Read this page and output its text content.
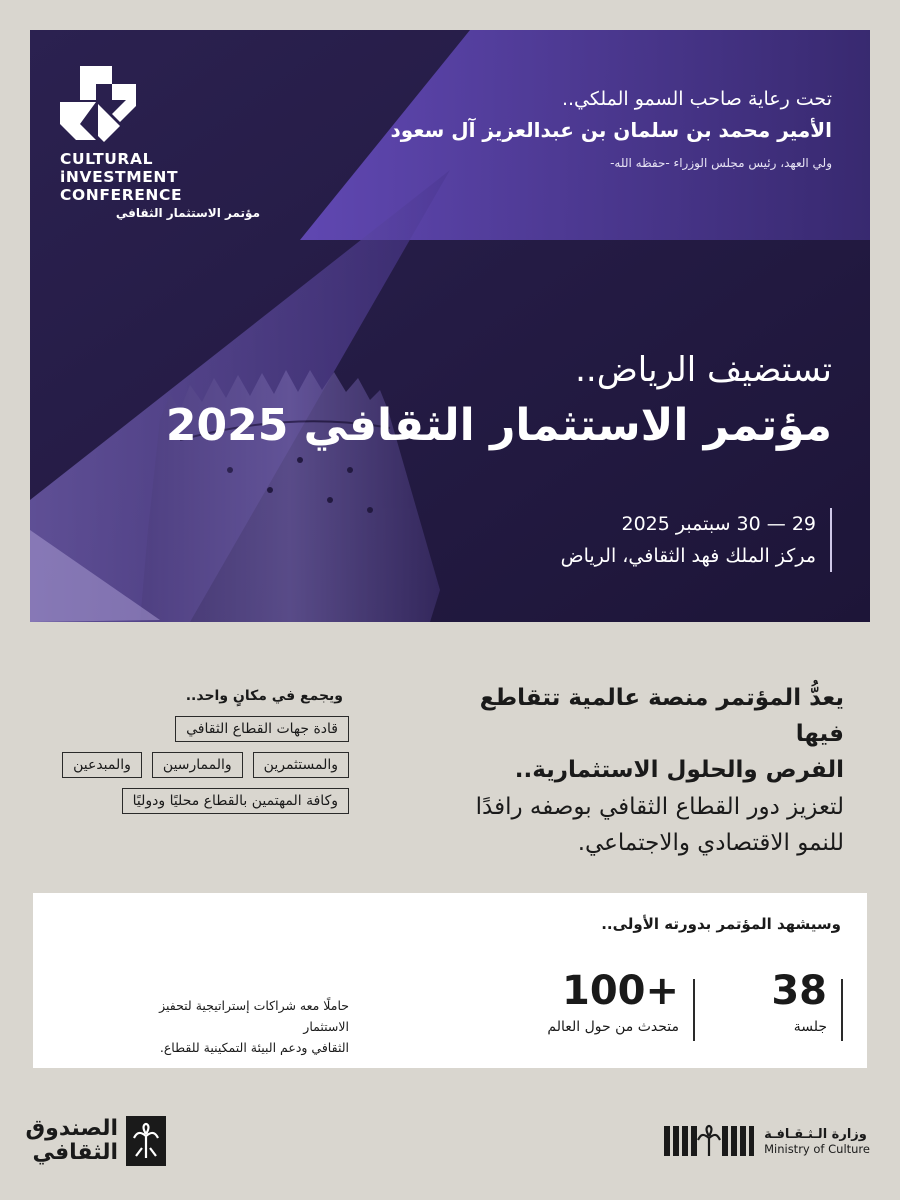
CULTURAL
iNVESTMENT
CONFERENCE
مؤتمر الاستثمار الثقافي
تحت رعاية صاحب السمو الملكي..
الأمير محمد بن سلمان بن عبدالعزيز آل سعود
ولي العهد، رئيس مجلس الوزراء -حفظه الله-
تستضيف الرياض..
مؤتمر الاستثمار الثقافي 2025
29 — 30 سبتمبر 2025
مركز الملك فهد الثقافي، الرياض
يعدُّ المؤتمر منصة عالمية تتقاطع فيها
الفرص والحلول الاستثمارية..
لتعزيز دور القطاع الثقافي بوصفه رافدًا
للنمو الاقتصادي والاجتماعي.
ويجمع في مكانٍ واحد..
قادة جهات القطاع الثقافي
والمستثمرين
والممارسين
والمبدعين
وكافة المهتمين بالقطاع محليًا ودوليًا
وسيشهد المؤتمر بدورته الأولى..
38
جلسة
100+
متحدث من حول العالم
حاملًا معه شراكات إستراتيجية لتحفيز الاستثمار
الثقافي ودعم البيئة التمكينية للقطاع.
وزارة الـثـقـافـة
Ministry of Culture
الصندوق
الثقافي
